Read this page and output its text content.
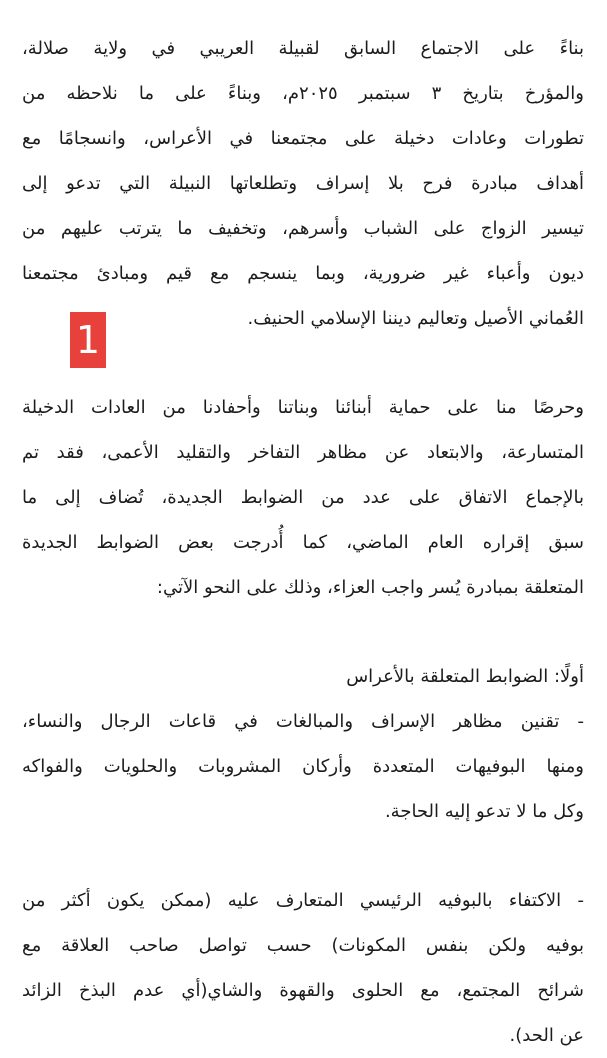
بناءً على الاجتماع السابق لقبيلة العريبي في ولاية صلالة،
والمؤرخ بتاريخ ٣ سبتمبر ٢٠٢٥م، وبناءً على ما نلاحظه من
تطورات وعادات دخيلة على مجتمعنا في الأعراس، وانسجامًا مع
أهداف مبادرة فرح بلا إسراف وتطلعاتها النبيلة التي تدعو إلى
تيسير الزواج على الشباب وأسرهم، وتخفيف ما يترتب عليهم من
ديون وأعباء غير ضرورية، وبما ينسجم مع قيم ومبادئ مجتمعنا
العُماني الأصيل وتعاليم ديننا الإسلامي الحنيف.
وحرصًا منا على حماية أبنائنا وبناتنا وأحفادنا من العادات الدخيلة
المتسارعة، والابتعاد عن مظاهر التفاخر والتقليد الأعمى، فقد تم
بالإجماع الاتفاق على عدد من الضوابط الجديدة، تُضاف إلى ما
سبق إقراره العام الماضي، كما أُدرجت بعض الضوابط الجديدة
المتعلقة بمبادرة يُسر واجب العزاء، وذلك على النحو الآتي:
أولًا: الضوابط المتعلقة بالأعراس
- تقنين مظاهر الإسراف والمبالغات في قاعات الرجال والنساء،
ومنها البوفيهات المتعددة وأركان المشروبات والحلويات والفواكه
وكل ما لا تدعو إليه الحاجة.
- الاكتفاء بالبوفيه الرئيسي المتعارف عليه (ممكن يكون أكثر من
بوفيه ولكن بنفس المكونات) حسب تواصل صاحب العلاقة مع
شرائح المجتمع، مع الحلوى والقهوة والشاي(أي عدم البذخ الزائد
عن الحد).
1
